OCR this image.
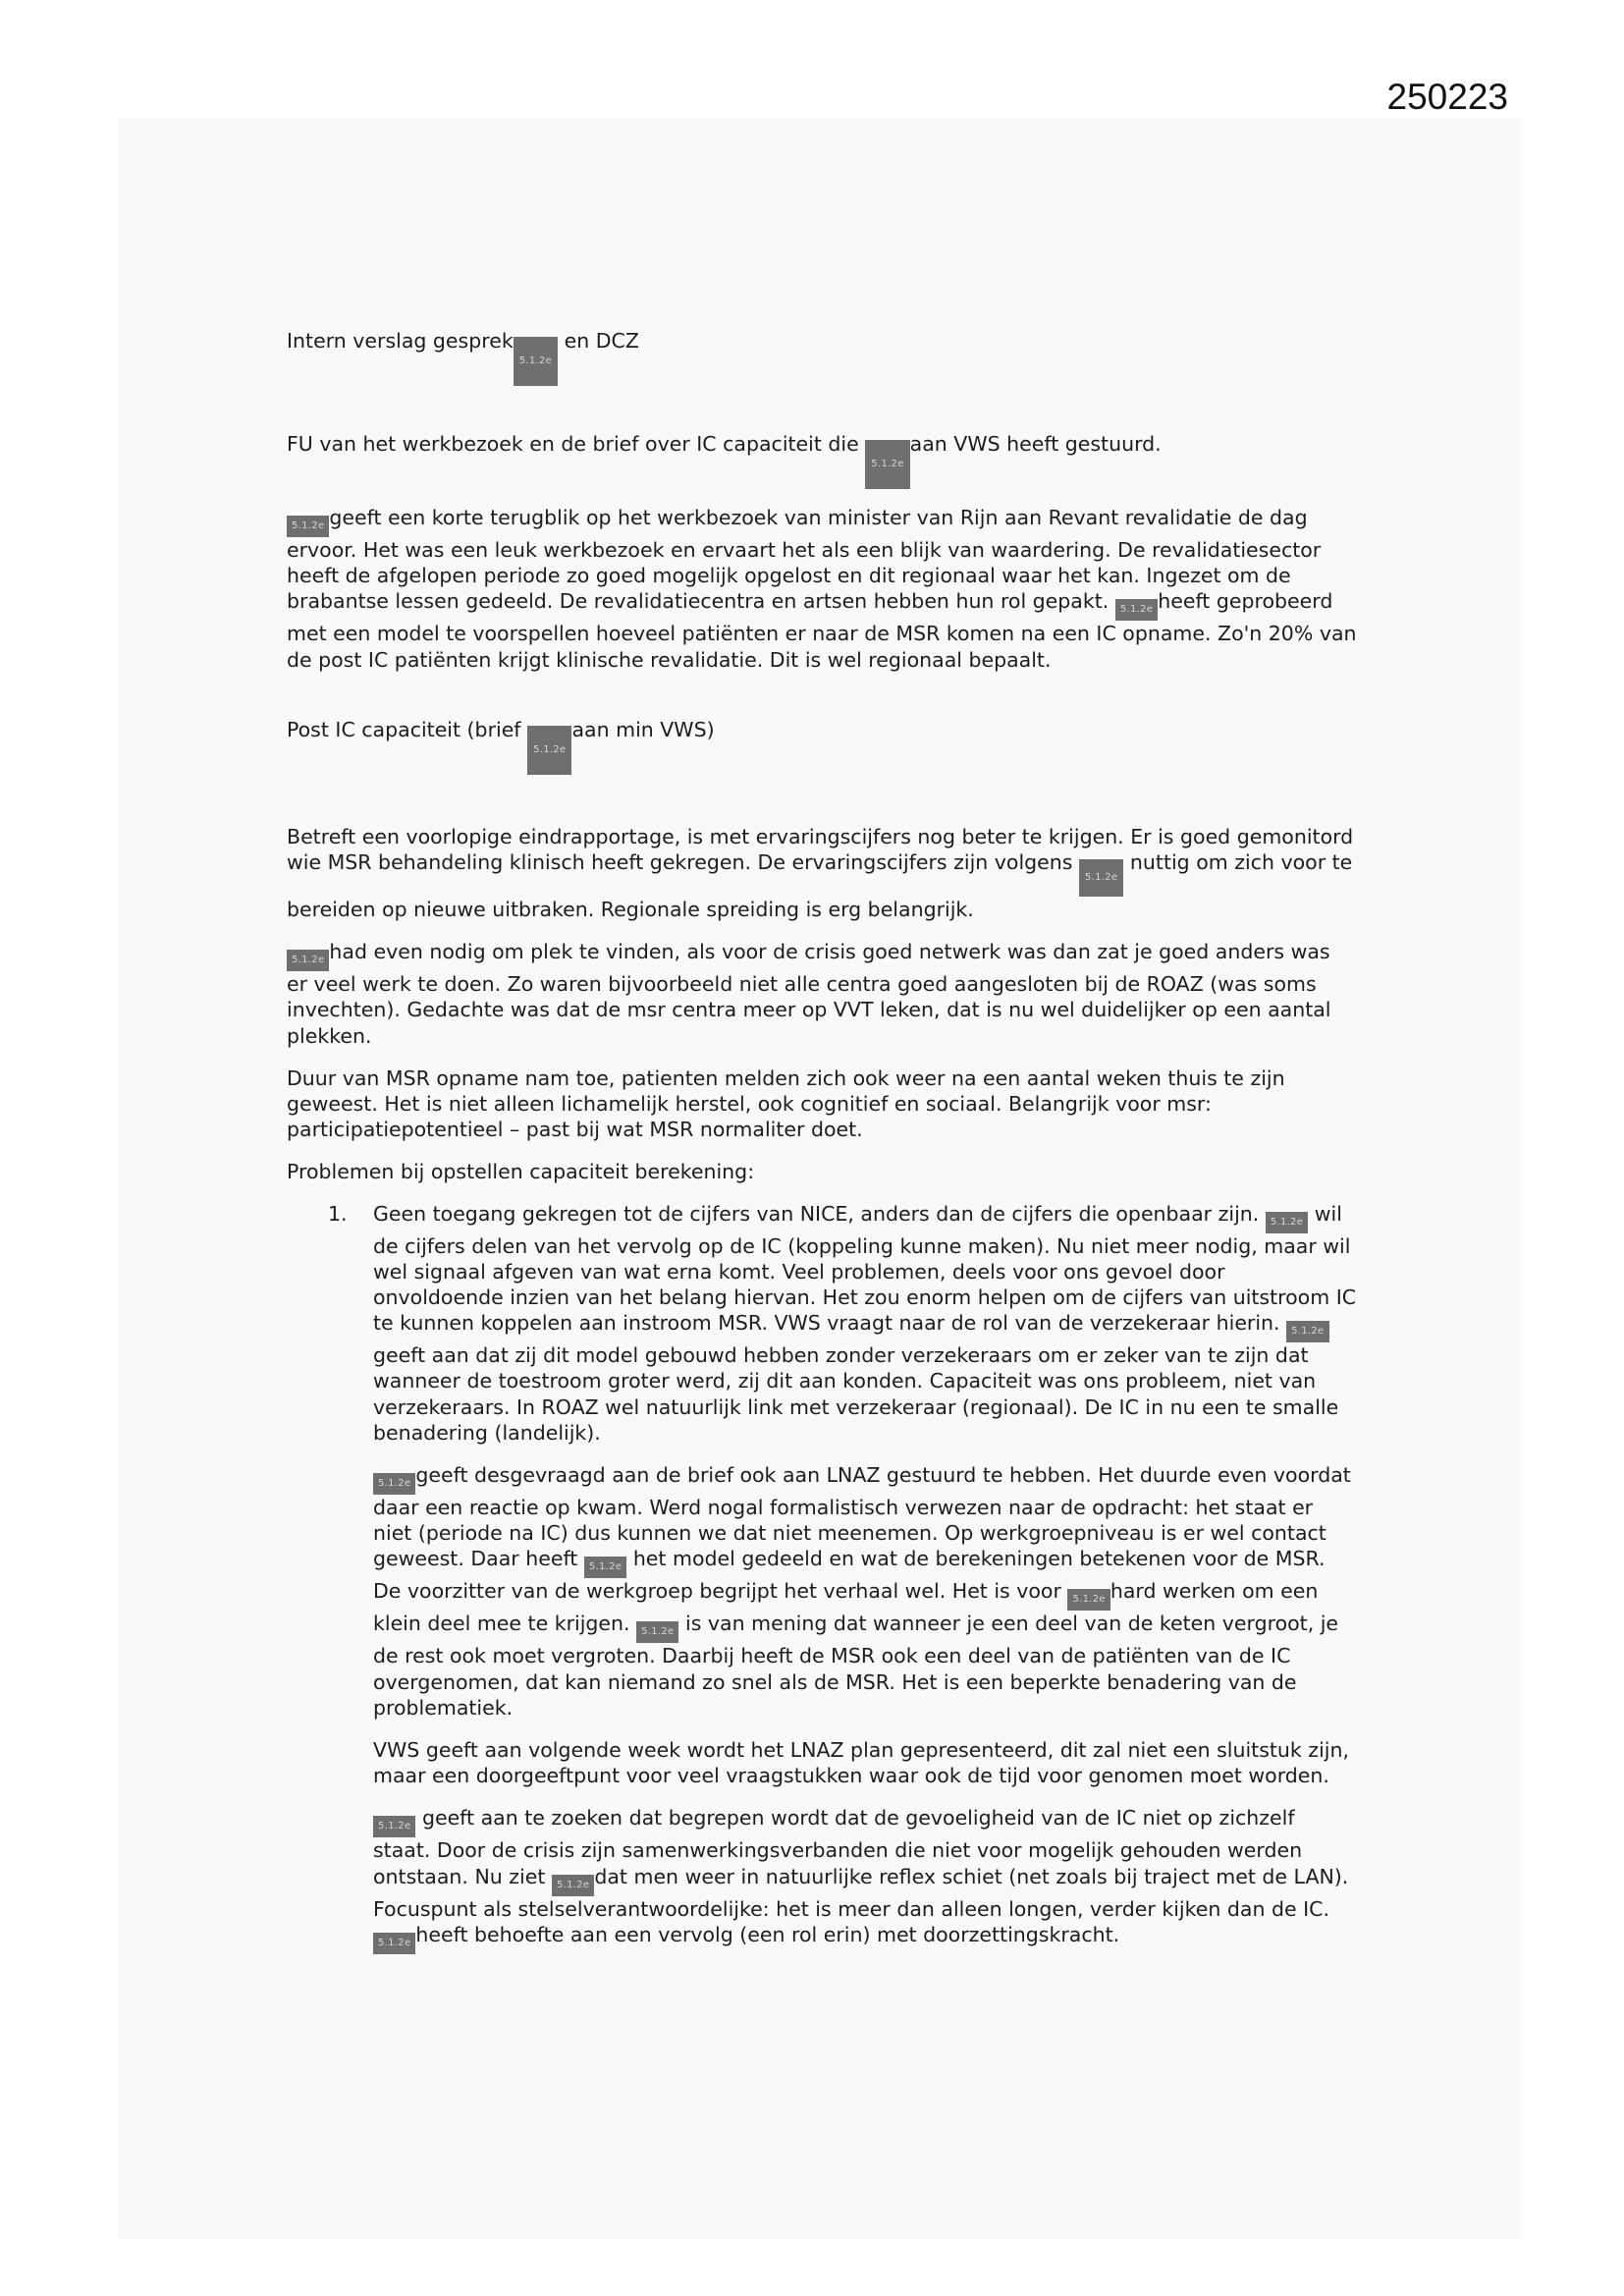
250223

Intern verslag gesprek5.1.2e en DCZ

FU van het werkbezoek en de brief over IC capaciteit die 5.1.2eaan VWS heeft gestuurd.

5.1.2e geeft een korte terugblik op het werkbezoek van minister van Rijn aan Revant revalidatie de dag ervoor. Het was een leuk werkbezoek en ervaart het als een blijk van waardering. De revalidatiesector heeft de afgelopen periode zo goed mogelijk opgelost en dit regionaal waar het kan. Ingezet om de brabantse lessen gedeeld. De revalidatiecentra en artsen hebben hun rol gepakt. 5.1.2e heeft geprobeerd met een model te voorspellen hoeveel patiënten er naar de MSR komen na een IC opname. Zo'n 20% van de post IC patiënten krijgt klinische revalidatie. Dit is wel regionaal bepaalt.

Post IC capaciteit (brief 5.1.2eaan min VWS)

Betreft een voorlopige eindrapportage, is met ervaringscijfers nog beter te krijgen. Er is goed gemonitord wie MSR behandeling klinisch heeft gekregen. De ervaringscijfers zijn volgens 5.1.2e nuttig om zich voor te bereiden op nieuwe uitbraken. Regionale spreiding is erg belangrijk.

5.1.2e had even nodig om plek te vinden, als voor de crisis goed netwerk was dan zat je goed anders was er veel werk te doen. Zo waren bijvoorbeeld niet alle centra goed aangesloten bij de ROAZ (was soms invechten). Gedachte was dat de msr centra meer op VVT leken, dat is nu wel duidelijker op een aantal plekken.

Duur van MSR opname nam toe, patienten melden zich ook weer na een aantal weken thuis te zijn geweest. Het is niet alleen lichamelijk herstel, ook cognitief en sociaal. Belangrijk voor msr: participatiepotentieel – past bij wat MSR normaliter doet.

Problemen bij opstellen capaciteit berekening:

1. Geen toegang gekregen tot de cijfers van NICE, anders dan de cijfers die openbaar zijn. 5.1.2e wil de cijfers delen van het vervolg op de IC (koppeling kunne maken). Nu niet meer nodig, maar wil wel signaal afgeven van wat erna komt. Veel problemen, deels voor ons gevoel door onvoldoende inzien van het belang hiervan. Het zou enorm helpen om de cijfers van uitstroom IC te kunnen koppelen aan instroom MSR. VWS vraagt naar de rol van de verzekeraar hierin. 5.1.2egeeft aan dat zij dit model gebouwd hebben zonder verzekeraars om er zeker van te zijn dat wanneer de toestroom groter werd, zij dit aan konden. Capaciteit was ons probleem, niet van verzekeraars. In ROAZ wel natuurlijk link met verzekeraar (regionaal). De IC in nu een te smalle benadering (landelijk).

5.1.2e geeft desgevraagd aan de brief ook aan LNAZ gestuurd te hebben. Het duurde even voordat daar een reactie op kwam. Werd nogal formalistisch verwezen naar de opdracht: het staat er niet (periode na IC) dus kunnen we dat niet meenemen. Op werkgroepniveau is er wel contact geweest. Daar heeft 5.1.2e het model gedeeld en wat de berekeningen betekenen voor de MSR. De voorzitter van de werkgroep begrijpt het verhaal wel. Het is voor 5.1.2e hard werken om een klein deel mee te krijgen. 5.1.2e is van mening dat wanneer je een deel van de keten vergroot, je de rest ook moet vergroten. Daarbij heeft de MSR ook een deel van de patiënten van de IC overgenomen, dat kan niemand zo snel als de MSR. Het is een beperkte benadering van de problematiek.

VWS geeft aan volgende week wordt het LNAZ plan gepresenteerd, dit zal niet een sluitstuk zijn, maar een doorgeeftpunt voor veel vraagstukken waar ook de tijd voor genomen moet worden.

5.1.2e geeft aan te zoeken dat begrepen wordt dat de gevoeligheid van de IC niet op zichzelf staat. Door de crisis zijn samenwerkingsverbanden die niet voor mogelijk gehouden werden ontstaan. Nu ziet 5.1.2e dat men weer in natuurlijke reflex schiet (net zoals bij traject met de LAN). Focuspunt als stelselverantwoordelijke: het is meer dan alleen longen, verder kijken dan de IC. 5.1.2e heeft behoefte aan een vervolg (een rol erin) met doorzettingskracht.
